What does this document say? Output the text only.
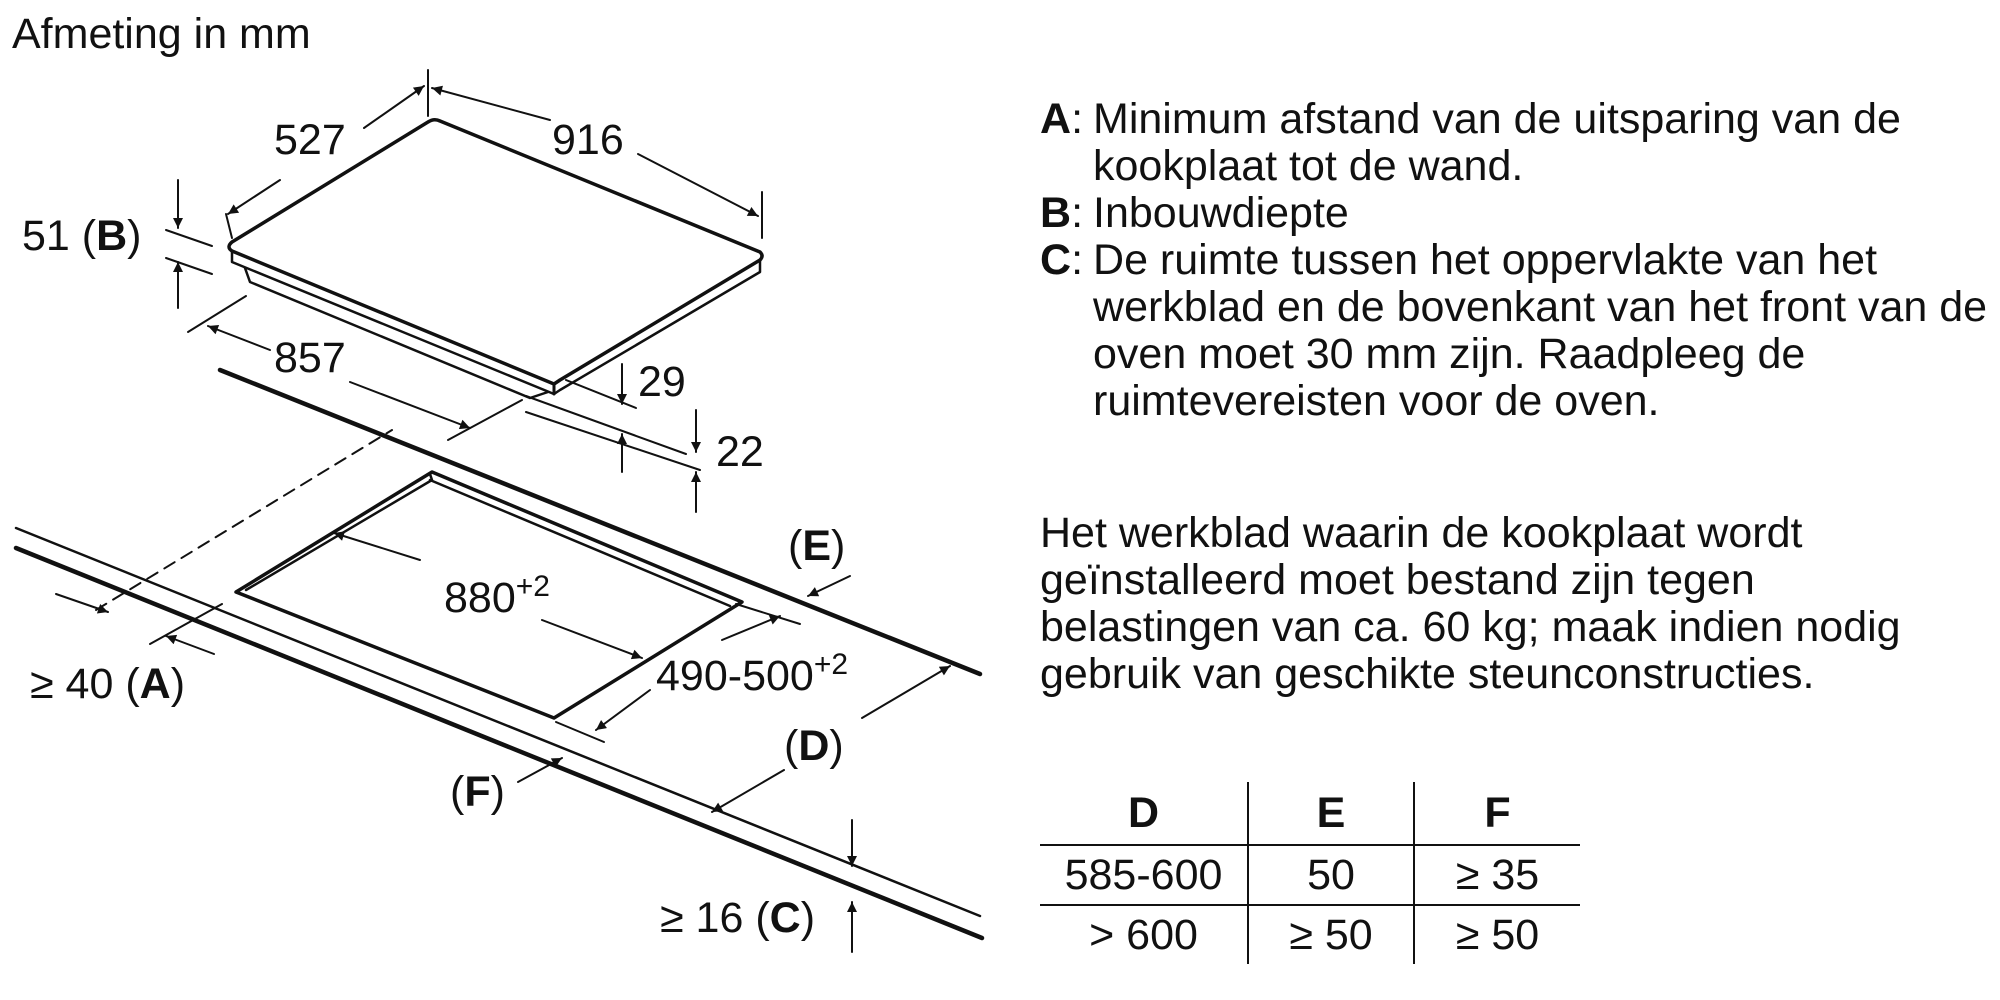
Afmeting in mm
527	916
51 (B)
857	29
22
$880^{+2}$
$490-500^{+2}$
≥ 40 (A)
(E)
(D)
(F)
≥ 16 (C)
A : Minimum afstand van de uitsparing van de kookplaat tot de wand.
B : Inbouwdiepte
C : De ruimte tussen het oppervlakte van het werkblad en de bovenkant van het front van de oven moet 30 mm zijn. Raadpleeg de ruimtevereisten voor de oven.
Het werkblad waarin de kookplaat wordt geïnstalleerd moet bestand zijn tegen belastingen van ca. 60 kg; maak indien nodig gebruik van geschikte steunconstructies.
D	E	F
585-600	50	≥ 35
> 600	≥ 50	≥ 50
